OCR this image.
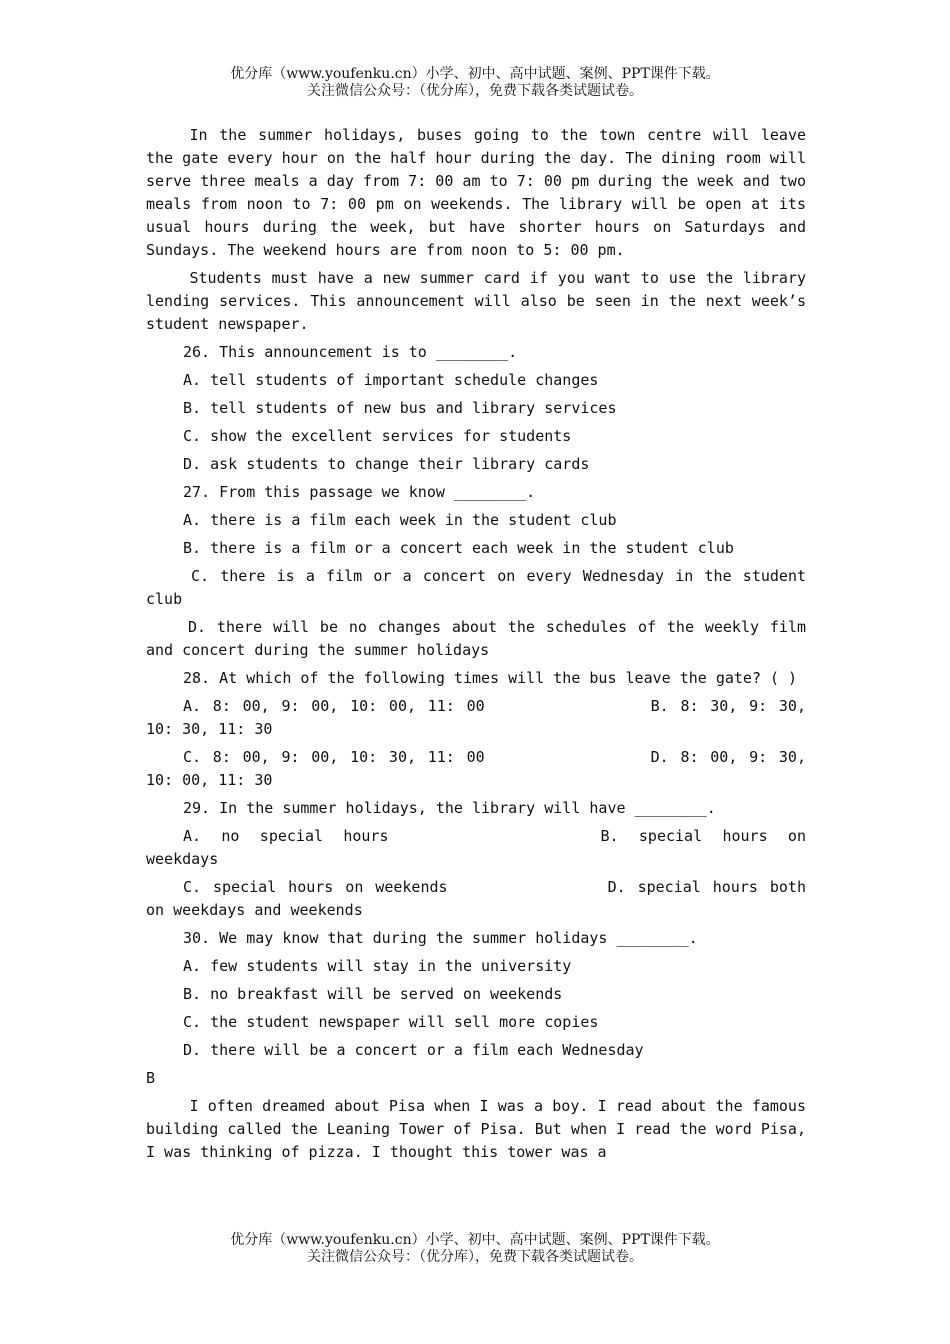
优分库（www.youfenku.cn）小学、初中、高中试题、案例、PPT课件下载。
关注微信公众号：（优分库），免费下载各类试题试卷。

In the summer holidays, buses going to the town centre will leave the gate every hour on the half hour during the day. The dining room will serve three meals a day from 7: 00 am to 7: 00 pm during the week and two meals from noon to 7: 00 pm on weekends. The library will be open at its usual hours during the week, but have shorter hours on Saturdays and Sundays. The weekend hours are from noon to 5: 00 pm.

Students must have a new summer card if you want to use the library lending services. This announcement will also be seen in the next week’s student newspaper.

26. This announcement is to ________.
A. tell students of important schedule changes
B. tell students of new bus and library services
C. show the excellent services for students
D. ask students to change their library cards
27. From this passage we know ________.
A. there is a film each week in the student club
B. there is a film or a concert each week in the student club
C. there is a film or a concert on every Wednesday in the student club
D. there will be no changes about the schedules of the weekly film and concert during the summer holidays
28. At which of the following times will the bus leave the gate? ( )
A. 8: 00, 9: 00, 10: 00, 11: 00	B. 8: 30, 9: 30, 10: 30, 11: 30
C. 8: 00, 9: 00, 10: 30, 11: 00	D. 8: 00, 9: 30, 10: 00, 11: 30
29. In the summer holidays, the library will have ________.
A. no special hours	B. special hours on weekdays
C. special hours on weekends	D. special hours both on weekdays and weekends
30. We may know that during the summer holidays ________.
A. few students will stay in the university
B. no breakfast will be served on weekends
C. the student newspaper will sell more copies
D. there will be a concert or a film each Wednesday
B

I often dreamed about Pisa when I was a boy. I read about the famous building called the Leaning Tower of Pisa. But when I read the word Pisa, I was thinking of pizza. I thought this tower was a

优分库（www.youfenku.cn）小学、初中、高中试题、案例、PPT课件下载。
关注微信公众号：（优分库），免费下载各类试题试卷。
